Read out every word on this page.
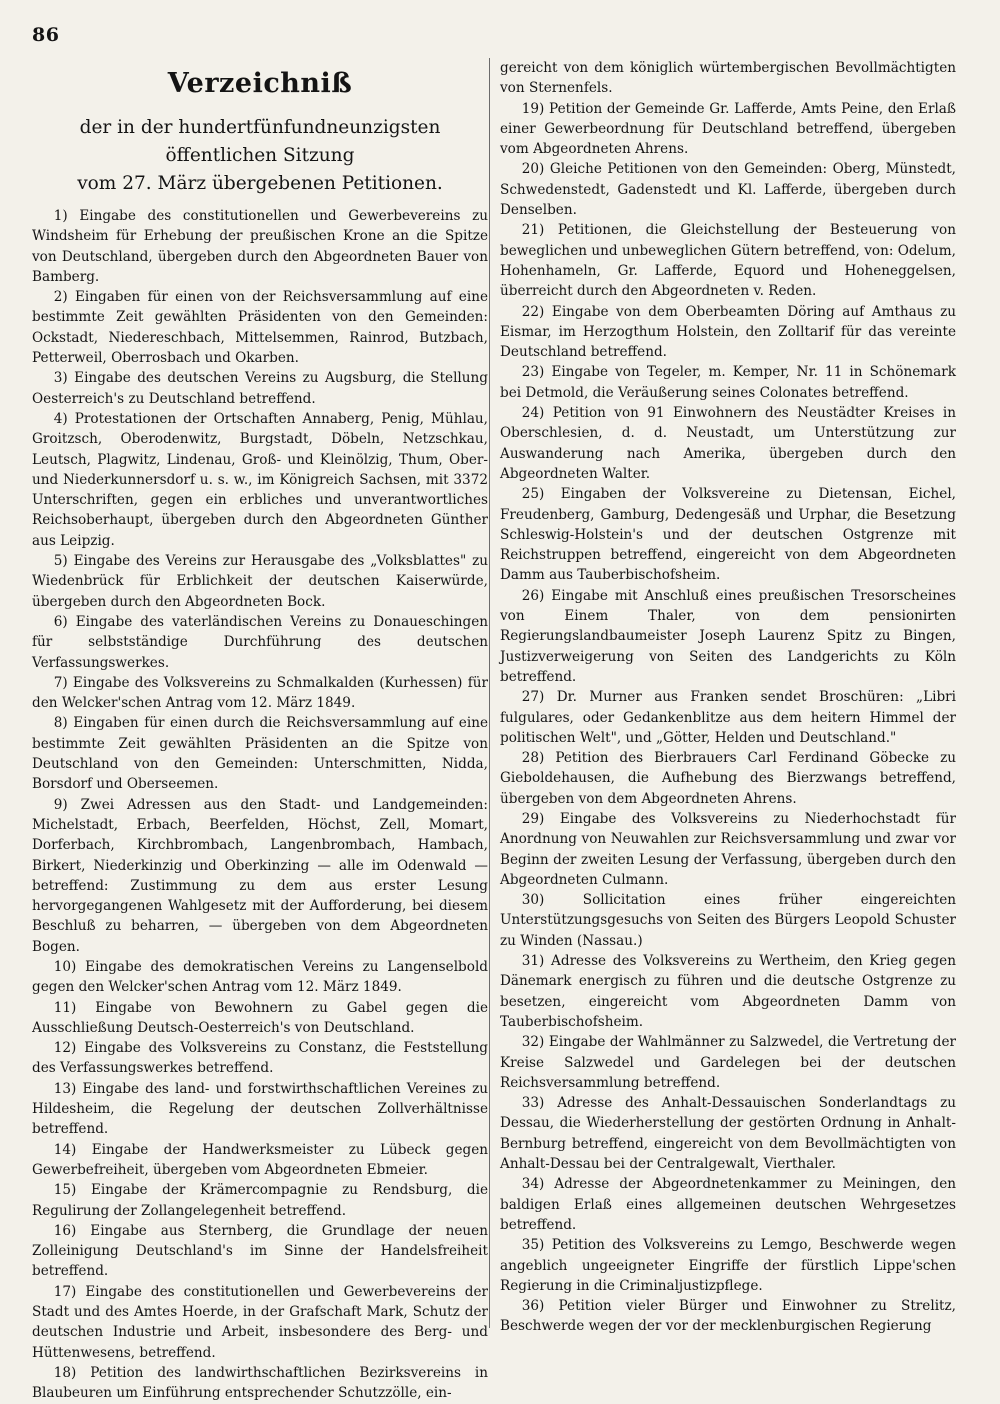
86
Verzeichniß

der in der hundertfünfundneunzigsten öffentlichen Sitzung

vom 27. März übergebenen Petitionen.

1) Eingabe des constitutionellen und Gewerbevereins zu Windsheim für Erhebung der preußischen Krone an die Spitze von Deutschland, übergeben durch den Abgeordneten Bauer von Bamberg.

2) Eingaben für einen von der Reichsversammlung auf eine bestimmte Zeit gewählten Präsidenten von den Gemeinden: Ockstadt, Niedereschbach, Mittelsemmen, Rainrod, Butzbach, Petterweil, Oberrosbach und Okarben.

3) Eingabe des deutschen Vereins zu Augsburg, die Stellung Oesterreich's zu Deutschland betreffend.

4) Protestationen der Ortschaften Annaberg, Penig, Mühlau, Groitzsch, Oberodenwitz, Burgstadt, Döbeln, Netzschkau, Leutsch, Plagwitz, Lindenau, Groß- und Kleinölzig, Thum, Ober- und Niederkunnersdorf u. s. w., im Königreich Sachsen, mit 3372 Unterschriften, gegen ein erbliches und unverantwortliches Reichsoberhaupt, übergeben durch den Abgeordneten Günther aus Leipzig.

5) Eingabe des Vereins zur Herausgabe des „Volksblattes" zu Wiedenbrück für Erblichkeit der deutschen Kaiserwürde, übergeben durch den Abgeordneten Bock.

6) Eingabe des vaterländischen Vereins zu Donaueschingen für selbstständige Durchführung des deutschen Verfassungswerkes.

7) Eingabe des Volksvereins zu Schmalkalden (Kurhessen) für den Welcker'schen Antrag vom 12. März 1849.

8) Eingaben für einen durch die Reichsversammlung auf eine bestimmte Zeit gewählten Präsidenten an die Spitze von Deutschland von den Gemeinden: Unterschmitten, Nidda, Borsdorf und Oberseemen.

9) Zwei Adressen aus den Stadt- und Landgemeinden: Michelstadt, Erbach, Beerfelden, Höchst, Zell, Momart, Dorferbach, Kirchbrombach, Langenbrombach, Hambach, Birkert, Niederkinzig und Oberkinzing — alle im Odenwald — betreffend: Zustimmung zu dem aus erster Lesung hervorgegangenen Wahlgesetz mit der Aufforderung, bei diesem Beschluß zu beharren, — übergeben von dem Abgeordneten Bogen.

10) Eingabe des demokratischen Vereins zu Langenselbold gegen den Welcker'schen Antrag vom 12. März 1849.

11) Eingabe von Bewohnern zu Gabel gegen die Ausschließung Deutsch-Oesterreich's von Deutschland.

12) Eingabe des Volksvereins zu Constanz, die Feststellung des Verfassungswerkes betreffend.

13) Eingabe des land- und forstwirthschaftlichen Vereines zu Hildesheim, die Regelung der deutschen Zollverhältnisse betreffend.

14) Eingabe der Handwerksmeister zu Lübeck gegen Gewerbefreiheit, übergeben vom Abgeordneten Ebmeier.

15) Eingabe der Krämercompagnie zu Rendsburg, die Regulirung der Zollangelegenheit betreffend.

16) Eingabe aus Sternberg, die Grundlage der neuen Zolleinigung Deutschland's im Sinne der Handelsfreiheit betreffend.

17) Eingabe des constitutionellen und Gewerbevereins der Stadt und des Amtes Hoerde, in der Grafschaft Mark, Schutz der deutschen Industrie und Arbeit, insbesondere des Berg- und Hüttenwesens, betreffend.

18) Petition des landwirthschaftlichen Bezirksvereins in Blaubeuren um Einführung entsprechender Schutzzölle, ein-

gereicht von dem königlich würtembergischen Bevollmächtigten von Sternenfels.

19) Petition der Gemeinde Gr. Lafferde, Amts Peine, den Erlaß einer Gewerbeordnung für Deutschland betreffend, übergeben vom Abgeordneten Ahrens.

20) Gleiche Petitionen von den Gemeinden: Oberg, Münstedt, Schwedenstedt, Gadenstedt und Kl. Lafferde, übergeben durch Denselben.

21) Petitionen, die Gleichstellung der Besteuerung von beweglichen und unbeweglichen Gütern betreffend, von: Odelum, Hohenhameln, Gr. Lafferde, Equord und Hoheneggelsen, überreicht durch den Abgeordneten v. Reden.

22) Eingabe von dem Oberbeamten Döring auf Amthaus zu Eismar, im Herzogthum Holstein, den Zolltarif für das vereinte Deutschland betreffend.

23) Eingabe von Tegeler, m. Kemper, Nr. 11 in Schönemark bei Detmold, die Veräußerung seines Colonates betreffend.

24) Petition von 91 Einwohnern des Neustädter Kreises in Oberschlesien, d. d. Neustadt, um Unterstützung zur Auswanderung nach Amerika, übergeben durch den Abgeordneten Walter.

25) Eingaben der Volksvereine zu Dietensan, Eichel, Freudenberg, Gamburg, Dedengesäß und Urphar, die Besetzung Schleswig-Holstein's und der deutschen Ostgrenze mit Reichstruppen betreffend, eingereicht von dem Abgeordneten Damm aus Tauberbischofsheim.

26) Eingabe mit Anschluß eines preußischen Tresorscheines von Einem Thaler, von dem pensionirten Regierungslandbaumeister Joseph Laurenz Spitz zu Bingen, Justizverweigerung von Seiten des Landgerichts zu Köln betreffend.

27) Dr. Murner aus Franken sendet Broschüren: „Libri fulgulares, oder Gedankenblitze aus dem heitern Himmel der politischen Welt", und „Götter, Helden und Deutschland."

28) Petition des Bierbrauers Carl Ferdinand Göbecke zu Gieboldehausen, die Aufhebung des Bierzwangs betreffend, übergeben von dem Abgeordneten Ahrens.

29) Eingabe des Volksvereins zu Niederhochstadt für Anordnung von Neuwahlen zur Reichsversammlung und zwar vor Beginn der zweiten Lesung der Verfassung, übergeben durch den Abgeordneten Culmann.

30) Sollicitation eines früher eingereichten Unterstützungsgesuchs von Seiten des Bürgers Leopold Schuster zu Winden (Nassau.)

31) Adresse des Volksvereins zu Wertheim, den Krieg gegen Dänemark energisch zu führen und die deutsche Ostgrenze zu besetzen, eingereicht vom Abgeordneten Damm von Tauberbischofsheim.

32) Eingabe der Wahlmänner zu Salzwedel, die Vertretung der Kreise Salzwedel und Gardelegen bei der deutschen Reichsversammlung betreffend.

33) Adresse des Anhalt-Dessauischen Sonderlandtags zu Dessau, die Wiederherstellung der gestörten Ordnung in Anhalt-Bernburg betreffend, eingereicht von dem Bevollmächtigten von Anhalt-Dessau bei der Centralgewalt, Vierthaler.

34) Adresse der Abgeordnetenkammer zu Meiningen, den baldigen Erlaß eines allgemeinen deutschen Wehrgesetzes betreffend.

35) Petition des Volksvereins zu Lemgo, Beschwerde wegen angeblich ungeeigneter Eingriffe der fürstlich Lippe'schen Regierung in die Criminaljustizpflege.

36) Petition vieler Bürger und Einwohner zu Strelitz, Beschwerde wegen der vor der mecklenburgischen Regierung
